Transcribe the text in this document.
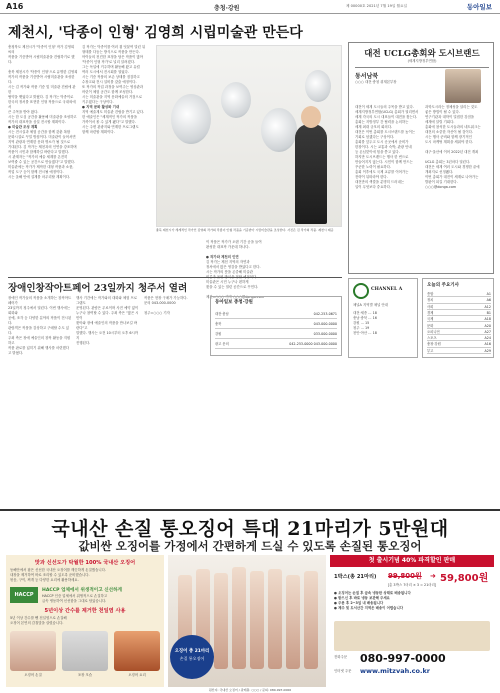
A16	충청·강원	제 00000호 2021년 7월 19일 월요일	동아일보
제천시, '닥종이 인형' 김영희 시립미술관 만든다
충청북도 제천시가 '닥종이 인형' 작가 김영희 씨의
작품을 기증받아 시립미술관을 건립하기로 했다.

충북 제천시가 '닥종이 인형'으로 유명한 김영희
작가의 작품을 기증받아 시립미술관을 조성한다.
시는 김 작가와 작품 기증 및 미술관 건립에 관한
협약을 맺었다고 밝혔다. 김 작가는 닥종이로
한국의 정서를 표현한 인형 작품으로 국내외에서
큰 주목을 받아 왔다.
시는 한 도심 공간을 활용해 미술관을 조성하고
작가의 대표작을 상설 전시할 계획이다.
● 미술관 조성 계획
시는 전시실과 체험 공간을 함께 갖춘 복합
문화시설로 꾸밀 방침이다. 미술관이 들어서면
지역 관광과 연계한 문화 명소가 될 것으로
기대된다. 김 작가는 제천과의 인연을 강조하며
작품이 시민과 함께하길 바란다고 말했다.
시 관계자는 "작가의 예술 세계를 온전히
보여줄 수 있는 공간으로 만들겠다"고 말했다.
미술관에는 작가가 제작한 대형 작품과 소품,
작업 도구 등이 함께 전시될 예정이다.
시는 올해 안에 설계를 마무리할 계획이다.
김 작가는 닥종이를 여러 겹 덧붙여 말린 뒤
형태를 다듬는 방식으로 작품을 만든다.
아이들의 천진한 표정을 담은 작품이 많아
'닥종이 인형 작가'로 널리 알려졌다.
그는 독일에 거주하며 활동해 왔고 유럽
여러 도시에서 전시회를 열었다.
시는 기증 작품의 보존 상태를 점검하고
수장고와 전시 설비를 갖출 예정이다.
또 작가의 작업 과정을 보여주는 영상관과
어린이 체험 공간도 함께 조성한다.
시는 미술관을 지역 문화예술의 거점으로
키우겠다는 구상이다.
● 지역 문화 활성화 기대
지역 예술계도 미술관 건립을 반기고 있다.
한 예술인은 "세계적인 작가의 작품을
가까이서 볼 수 있게 됐다"고 말했다.
시는 주변 관광지와 연계한 프로그램도
함께 마련할 계획이다.
충북 제천시가 세계적인 작가인 김영희 작가의 닥종이 인형 작품을 기증받아 시립미술관을 조성한다. 사진은 김 작가의 작품. 제천시 제공
이 작품은 작가가 오랜 기간 공을 들여
완성한 대표작 가운데 하나다.

● 작가와 제천의 인연
김 작가는 제천 지역의 자연과
정서에서 많은 영감을 받았다고 한다.
시는 작가의 뜻을 존중해 미술관
미술관은 시민 누구나 편하게
찾을 수 있는 열린 공간으로 꾸민다.

제천=○○○ 기자 ○○○@donga.com
장애인창작아트페어 23일까지 청주서 열려
장애인 작가들의 작품을 소개하는 창작아트페어가
23일까지 청주에서 열린다. 이번 행사에는 회화와
공예, 조각 등 다양한 분야의 작품이 전시된다.
관람객은 작품을 감상하고 구매할 수도 있다.
주최 측은 장애 예술인의 창작 활동을 지원하고
작품 판로를 넓히기 위해 행사를 마련했다고 밝혔다.
행사 기간에는 작가와의 대화와 체험 프로그램도
운영된다. 관람은 무료이며 사전 예약 없이
누구나 참여할 수 있다. 주최 측은 "많은 시민이
찾아와 장애 예술인의 작품을 만나보길 바란다"고
말했다. 행사는 오전 10시부터 오후 6시까지
진행된다.
작품은 현장 구매가 가능하다.
문의 043-000-0000

청주=○○○ 기자
동아일보 충청·강원
대전·충남	042-253-0671
충북	043-000-0000
강원	033-000-0000
광고 문의	042-253-0000 043-000-0000
대전 UCLG총회와 도시브랜드
(세계지방정부연합)
동서남북
○○○ 대전·충청 취재본부장
대전이 세계 도시들의 주목을 받고 있다.
세계지방정부연합(UCLG) 총회가 열리면서
세계 각국의 도시 대표들이 대전을 찾는다.
총회는 지방정부 간 협력을 논의하는
세계 최대 규모의 회의다.
대전은 이번 총회를 도시브랜드를 높이는
기회로 삼겠다는 구상이다.
총회를 앞두고 도시 곳곳에서 준비가
한창이다. 시는 교통과 숙박, 관광 안내
등 손님맞이에 힘을 쏟고 있다.
하지만 도시브랜드는 행사 한 번으로
만들어지지 않는다. 시민이 함께 만드는
꾸준한 노력이 필요하다.
총회 이후에도 국제 교류를 이어가는
전략이 뒤따라야 한다.
대전만의 색깔을 분명히 드러내는
일이 무엇보다 중요하다.
과학도시라는 정체성을 살리는 것도
좋은 방법이 될 수 있다.
연구기관과 대학이 밀집한 강점을
세계에 알릴 기회다.
총회에 참석한 도시들과의 네트워크는
대전의 소중한 자산이 될 것이다.
시는 행사 준비와 함께 장기적인
도시 마케팅 계획을 세워야 한다.

대구·울산에 이어 2022년 대전 개최

UCLG 총회는 3년마다 열린다.
대전은 세계 여러 도시와 경쟁한 끝에
개최지로 선정됐다.
이번 총회가 대전이 세계로 나아가는
발판이 되길 기대한다.
○○○@donga.com
CHANNEL A
채널A 지역별 채널 안내
대전·세종 ... 18
충남·충북 ... 16
강원 ... 15
청주 ... 19
천안·아산 ... 18
오늘의 주요기사
종합	A1
정치	A6
사회	A12
경제	B1
국제	A18
문화	A20
오피니언	A27
스포츠	A24
충청·강원	A16
부고	A29
국내산 손질 통오징어 특대 21마리가 5만원대
값비싼 오징어를 가정에서 간편하게 드실 수 있도록 손질된 통오징어
맛과 신선도가 탁월한 100% 국내산 오징어
동해안에서 잡은 신선한 국내산 오징어를 깨끗하게 손질했습니다.
내장을 제거하여 바로 조리할 수 있도록 준비했습니다.
볶음, 구이, 찌개 등 다양한 요리에 활용하세요.
HACCP
HACCP 업체에서 위생적이고 신선하게
HACCP 인증 업체에서 위생적으로 손질하고
급속 냉동하여 신선함을 그대로 담았습니다.
5년이상 간수를 제거한 천일염 사용
5년 이상 간수를 뺀 천일염으로 손질해
오징어 본연의 감칠맛을 살렸습니다.
오징어 손질	포장 모습	오징어 요리
오징어 총 21마리
손질 통오징어
첫 출시기념 40% 파격할인 판매
1박스(총 21마리) 99,800원 ➜ 59,800원
[총 3박스 7마리 × 3 = 21마리]
● 오징어는 손질 후 급속 냉동한 상태로 배송됩니다
● 받으신 후 바로 냉동 보관해 주세요
● 주문 후 2~3일 내 배송됩니다
● 제주 및 도서산간 지역은 배송이 어렵습니다
전화주문 080-997-0000
인터넷 주문 www.mitzvah.co.kr
원산지: 국내산 오징어 / 판매원: ○○○ / 문의: 080-997-0000
